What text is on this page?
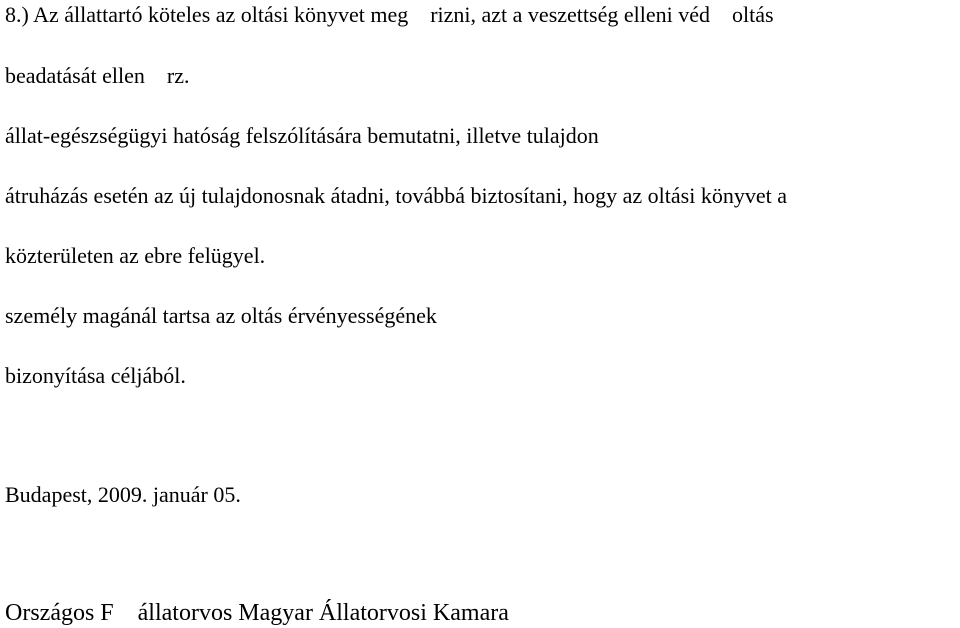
8.) Az állattartó köteles az oltási könyvet meg    rizni, azt a veszettség elleni véd    oltás

beadatását ellen    rz.

állat-egészségügyi hatóság felszólítására bemutatni, illetve tulajdon

átruházás esetén az új tulajdonosnak átadni, továbbá biztosítani, hogy az oltási könyvet a

közterületen az ebre felügyel.

személy magánál tartsa az oltás érvényességének

bizonyítása céljából.

Budapest, 2009. január 05.

Országos F    állatorvos Magyar Állatorvosi Kamara
